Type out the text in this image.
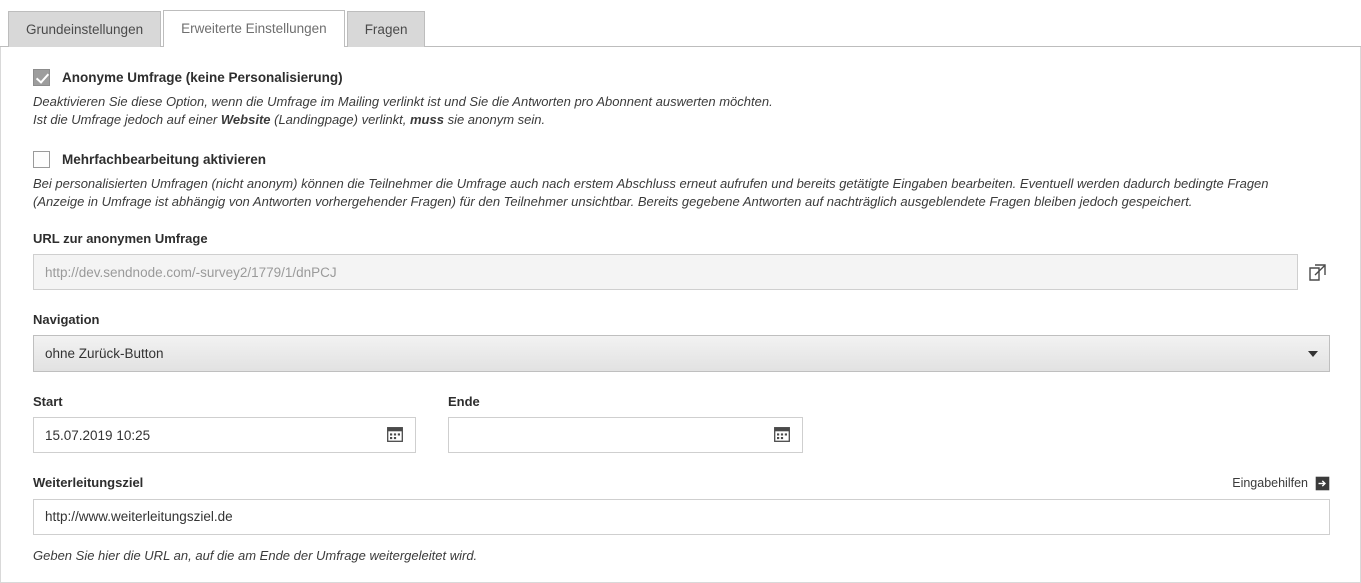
Grundeinstellungen	Erweiterte Einstellungen	Fragen
Anonyme Umfrage (keine Personalisierung)
Deaktivieren Sie diese Option, wenn die Umfrage im Mailing verlinkt ist und Sie die Antworten pro Abonnent auswerten möchten.
Ist die Umfrage jedoch auf einer Website (Landingpage) verlinkt, muss sie anonym sein.
Mehrfachbearbeitung aktivieren
Bei personalisierten Umfragen (nicht anonym) können die Teilnehmer die Umfrage auch nach erstem Abschluss erneut aufrufen und bereits getätigte Eingaben bearbeiten. Eventuell werden dadurch bedingte Fragen (Anzeige in Umfrage ist abhängig von Antworten vorhergehender Fragen) für den Teilnehmer unsichtbar. Bereits gegebene Antworten auf nachträglich ausgeblendete Fragen bleiben jedoch gespeichert.
URL zur anonymen Umfrage
http://dev.sendnode.com/-survey2/1779/1/dnPCJ
Navigation
ohne Zurück-Button
Start
15.07.2019 10:25	Ende
Weiterleitungsziel	Eingabehilfen
http://www.weiterleitungsziel.de
Geben Sie hier die URL an, auf die am Ende der Umfrage weitergeleitet wird.
